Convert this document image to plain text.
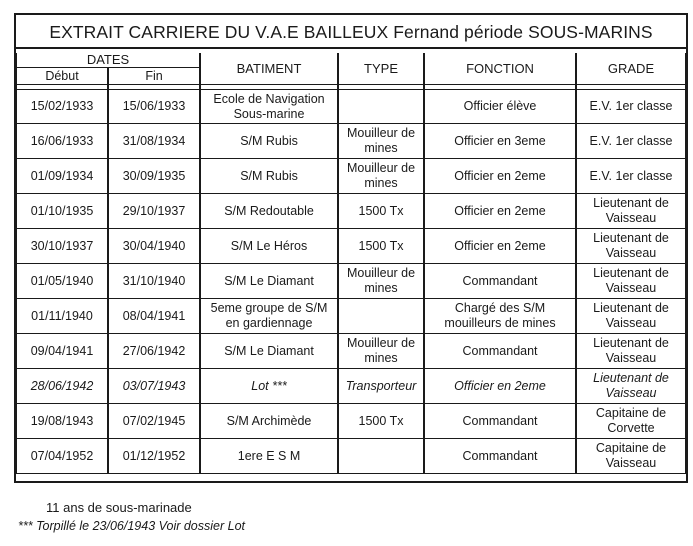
EXTRAIT CARRIERE DU V.A.E BAILLEUX Fernand période SOUS-MARINS
DATES		BATIMENT	TYPE	FONCTION	GRADE
Début	Fin				

15/02/1933	15/06/1933	Ecole de Navigation Sous-marine		Officier élève	E.V. 1er classe
16/06/1933	31/08/1934	S/M Rubis	Mouilleur de mines	Officier en 3eme	E.V. 1er classe
01/09/1934	30/09/1935	S/M Rubis	Mouilleur de mines	Officier en 2eme	E.V. 1er classe
01/10/1935	29/10/1937	S/M Redoutable	1500 Tx	Officier en 2eme	Lieutenant de Vaisseau
30/10/1937	30/04/1940	S/M Le Héros	1500 Tx	Officier en 2eme	Lieutenant de Vaisseau
01/05/1940	31/10/1940	S/M Le Diamant	Mouilleur de mines	Commandant	Lieutenant de Vaisseau
01/11/1940	08/04/1941	5eme groupe de S/M en gardiennage		Chargé des S/M mouilleurs de mines	Lieutenant de Vaisseau
09/04/1941	27/06/1942	S/M Le Diamant	Mouilleur de mines	Commandant	Lieutenant de Vaisseau
28/06/1942	03/07/1943	Lot ***	Transporteur	Officier en 2eme	Lieutenant de Vaisseau
19/08/1943	07/02/1945	S/M Archimède	1500 Tx	Commandant	Capitaine de Corvette
07/04/1952	01/12/1952	1ere E S M		Commandant	Capitaine de Vaisseau
11 ans de sous-marinade
*** Torpillé le 23/06/1943 Voir dossier Lot
